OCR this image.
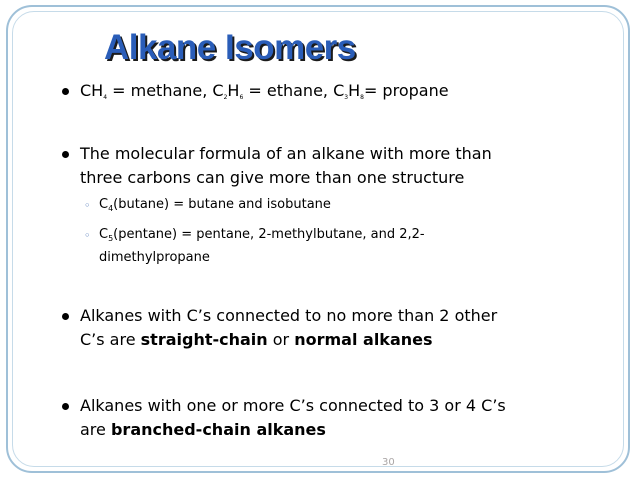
Alkane Isomers
CH4 = methane, C2H6 = ethane, C3H8= propane
The molecular formula of an alkane with more than
three carbons can give more than one structure
◦ $C_4(butane) = butane$ and isobutane
◦ $C_5(pentane) = pentane$, 2-methylbutane, and 2,2-
dimethylpropane
Alkanes with C’s connected to no more than 2 other
C’s are straight-chain or normal alkanes
Alkanes with one or more C’s connected to 3 or 4 C’s
are branched-chain alkanes
30
